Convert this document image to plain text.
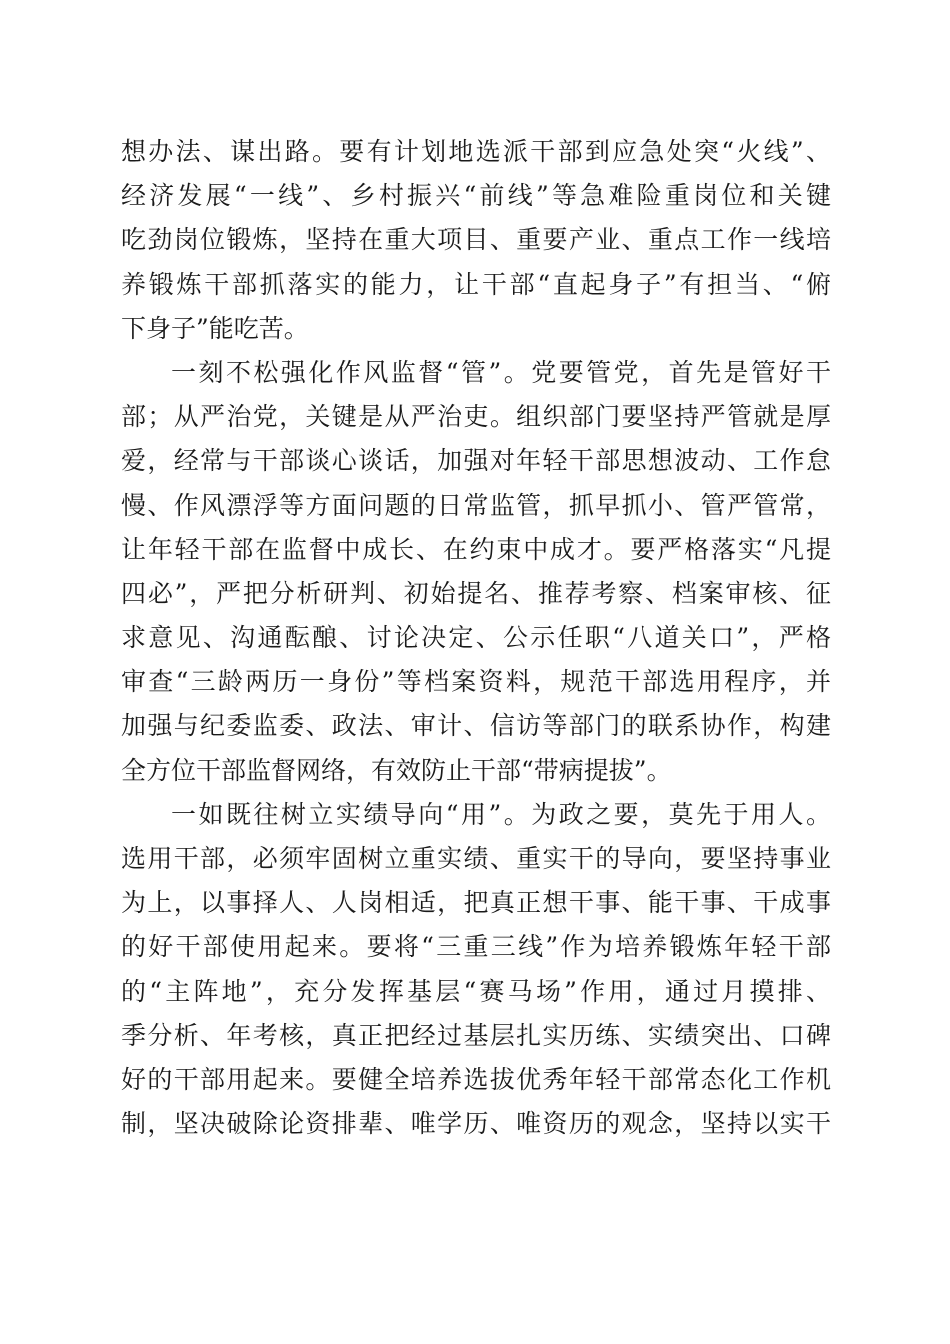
想办法、谋出路。要有计划地选派干部到应急处突“火线”、
经济发展“一线”、乡村振兴“前线”等急难险重岗位和关键
吃劲岗位锻炼，坚持在重大项目、重要产业、重点工作一线培
养锻炼干部抓落实的能力，让干部“直起身子”有担当、“俯
下身子”能吃苦。
一刻不松强化作风监督“管”。党要管党，首先是管好干
部；从严治党，关键是从严治吏。组织部门要坚持严管就是厚
爱，经常与干部谈心谈话，加强对年轻干部思想波动、工作怠
慢、作风漂浮等方面问题的日常监管，抓早抓小、管严管常，
让年轻干部在监督中成长、在约束中成才。要严格落实“凡提
四必”，严把分析研判、初始提名、推荐考察、档案审核、征
求意见、沟通酝酿、讨论决定、公示任职“八道关口”，严格
审查“三龄两历一身份”等档案资料，规范干部选用程序，并
加强与纪委监委、政法、审计、信访等部门的联系协作，构建
全方位干部监督网络，有效防止干部“带病提拔”。
一如既往树立实绩导向“用”。为政之要，莫先于用人。
选用干部，必须牢固树立重实绩、重实干的导向，要坚持事业
为上，以事择人、人岗相适，把真正想干事、能干事、干成事
的好干部使用起来。要将“三重三线”作为培养锻炼年轻干部
的“主阵地”，充分发挥基层“赛马场”作用，通过月摸排、
季分析、年考核，真正把经过基层扎实历练、实绩突出、口碑
好的干部用起来。要健全培养选拔优秀年轻干部常态化工作机
制，坚决破除论资排辈、唯学历、唯资历的观念，坚持以实干
